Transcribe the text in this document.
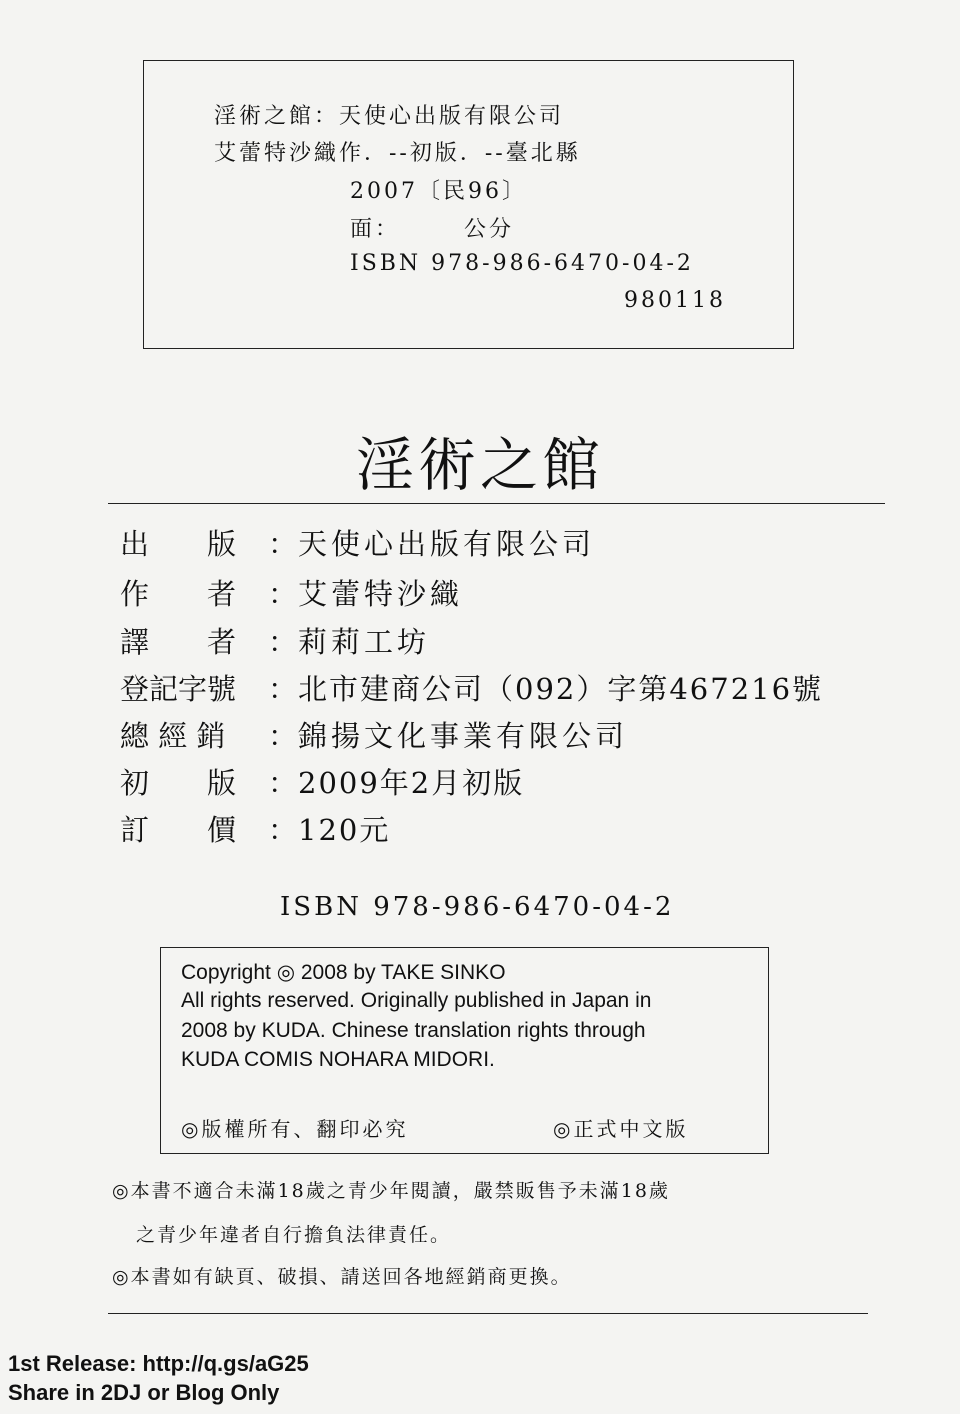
淫術之館：天使心出版有限公司
艾蕾特沙織作．--初版．--臺北縣
2007〔民96〕
面：　　　公分
ISBN 978-986-6470-04-2
980118
淫術之館
出　　版 ： 天使心出版有限公司
作　　者 ： 艾蕾特沙織
譯　　者 ： 莉莉工坊
登記字號 ： 北市建商公司（092）字第467216號
總 經 銷 ： 錦揚文化事業有限公司
初　　版 ： 2009年2月初版
訂　　價 ： 120元
ISBN 978-986-6470-04-2
Copyright ◎ 2008 by TAKE SINKO
All rights reserved. Originally published in Japan in
2008 by KUDA. Chinese translation rights through
KUDA COMIS NOHARA MIDORI.
◎版權所有、翻印必究	◎正式中文版
◎本書不適合未滿18歲之青少年閱讀，嚴禁販售予未滿18歲
之青少年違者自行擔負法律責任。
◎本書如有缺頁、破損、請送回各地經銷商更換。
1st Release: http://q.gs/aG25
Share in 2DJ or Blog Only
